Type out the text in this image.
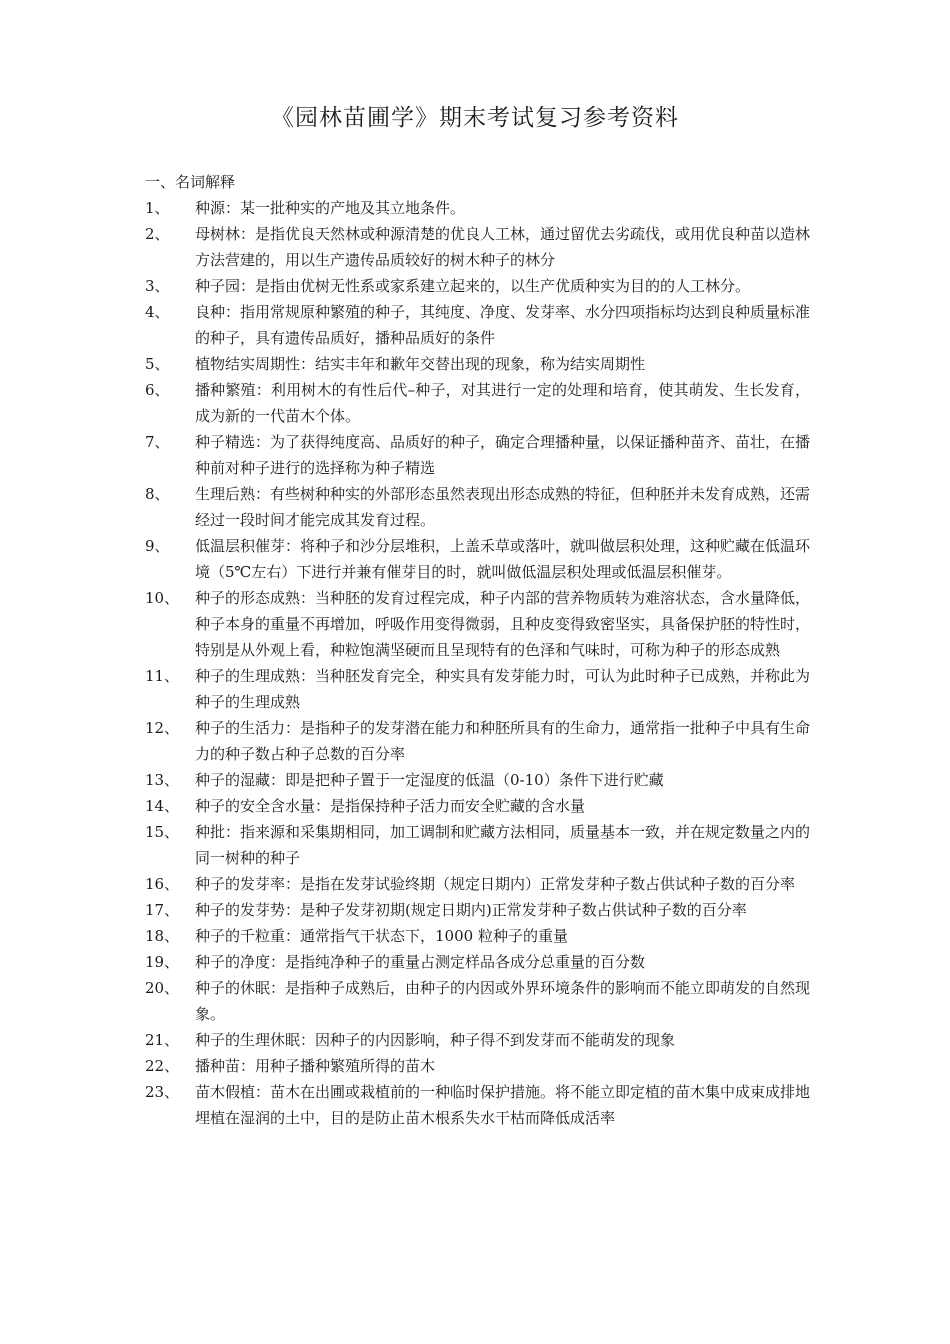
《园林苗圃学》期末考试复习参考资料
一、名词解释
1、	种源：某一批种实的产地及其立地条件。
2、	母树林：是指优良天然林或种源清楚的优良人工林，通过留优去劣疏伐，或用优良种苗以造林方法营建的，用以生产遗传品质较好的树木种子的林分
3、	种子园：是指由优树无性系或家系建立起来的，以生产优质种实为目的的人工林分。
4、	良种：指用常规原种繁殖的种子，其纯度、净度、发芽率、水分四项指标均达到良种质量标准的种子，具有遗传品质好，播种品质好的条件
5、	植物结实周期性：结实丰年和歉年交替出现的现象，称为结实周期性
6、	播种繁殖：利用树木的有性后代–种子，对其进行一定的处理和培育，使其萌发、生长发育，成为新的一代苗木个体。
7、	种子精选：为了获得纯度高、品质好的种子，确定合理播种量，以保证播种苗齐、苗壮，在播种前对种子进行的选择称为种子精选
8、	生理后熟：有些树种种实的外部形态虽然表现出形态成熟的特征，但种胚并未发育成熟，还需经过一段时间才能完成其发育过程。
9、	低温层积催芽：将种子和沙分层堆积，上盖禾草或落叶，就叫做层积处理，这种贮藏在低温环境（5℃左右）下进行并兼有催芽目的时，就叫做低温层积处理或低温层积催芽。
10、	种子的形态成熟：当种胚的发育过程完成，种子内部的营养物质转为难溶状态，含水量降低，种子本身的重量不再增加，呼吸作用变得微弱，且种皮变得致密坚实，具备保护胚的特性时，特别是从外观上看，种粒饱满坚硬而且呈现特有的色泽和气味时，可称为种子的形态成熟
11、	种子的生理成熟：当种胚发育完全，种实具有发芽能力时，可认为此时种子已成熟，并称此为种子的生理成熟
12、	种子的生活力：是指种子的发芽潜在能力和种胚所具有的生命力，通常指一批种子中具有生命力的种子数占种子总数的百分率
13、	种子的湿藏：即是把种子置于一定湿度的低温（0-10）条件下进行贮藏
14、	种子的安全含水量：是指保持种子活力而安全贮藏的含水量
15、	种批：指来源和采集期相同，加工调制和贮藏方法相同，质量基本一致，并在规定数量之内的同一树种的种子
16、	种子的发芽率：是指在发芽试验终期（规定日期内）正常发芽种子数占供试种子数的百分率
17、	种子的发芽势：是种子发芽初期(规定日期内)正常发芽种子数占供试种子数的百分率
18、	种子的千粒重：通常指气干状态下，1000 粒种子的重量
19、	种子的净度：是指纯净种子的重量占测定样品各成分总重量的百分数
20、	种子的休眠：是指种子成熟后，由种子的内因或外界环境条件的影响而不能立即萌发的自然现象。
21、	种子的生理休眠：因种子的内因影响，种子得不到发芽而不能萌发的现象
22、	播种苗：用种子播种繁殖所得的苗木
23、	苗木假植：苗木在出圃或栽植前的一种临时保护措施。将不能立即定植的苗木集中成束成排地埋植在湿润的土中，目的是防止苗木根系失水干枯而降低成活率
